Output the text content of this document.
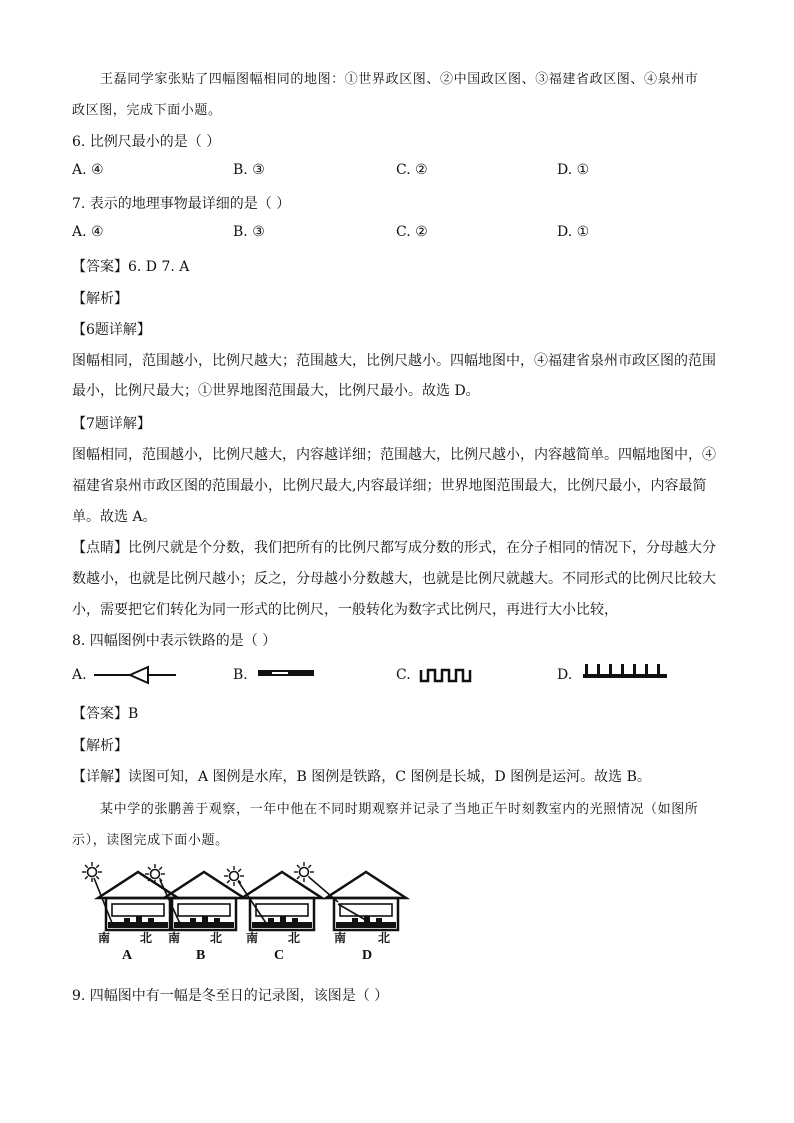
王磊同学家张贴了四幅图幅相同的地图：①世界政区图、②中国政区图、③福建省政区图、④泉州市
政区图，完成下面小题。
6. 比例尺最小的是（ ）
A. ④	B. ③	C. ②	D. ①
7. 表示的地理事物最详细的是（ ）
A. ④	B. ③	C. ②	D. ①
【答案】6. D 7. A
【解析】
【6题详解】
图幅相同，范围越小，比例尺越大；范围越大，比例尺越小。四幅地图中，④福建省泉州市政区图的范围
最小，比例尺最大；①世界地图范围最大，比例尺最小。故选 D。
【7题详解】
图幅相同，范围越小，比例尺越大，内容越详细；范围越大，比例尺越小，内容越简单。四幅地图中，④
福建省泉州市政区图的范围最小，比例尺最大,内容最详细；世界地图范围最大，比例尺最小，内容最简
单。故选 A。
【点睛】比例尺就是个分数，我们把所有的比例尺都写成分数的形式，在分子相同的情况下，分母越大分
数越小，也就是比例尺越小；反之，分母越小分数越大，也就是比例尺就越大。不同形式的比例尺比较大
小，需要把它们转化为同一形式的比例尺，一般转化为数字式比例尺，再进行大小比较，
8. 四幅图例中表示铁路的是（ ）
A.	B.	C.	D.
【答案】B
【解析】
【详解】读图可知，A 图例是水库，B 图例是铁路，C 图例是长城，D 图例是运河。故选 B。
某中学的张鹏善于观察，一年中他在不同时期观察并记录了当地正午时刻教室内的光照情况（如图所
示），读图完成下面小题。
南 北 南 北 南 北	南	北
A	B	C	D
9. 四幅图中有一幅是冬至日的记录图，该图是（ ）
